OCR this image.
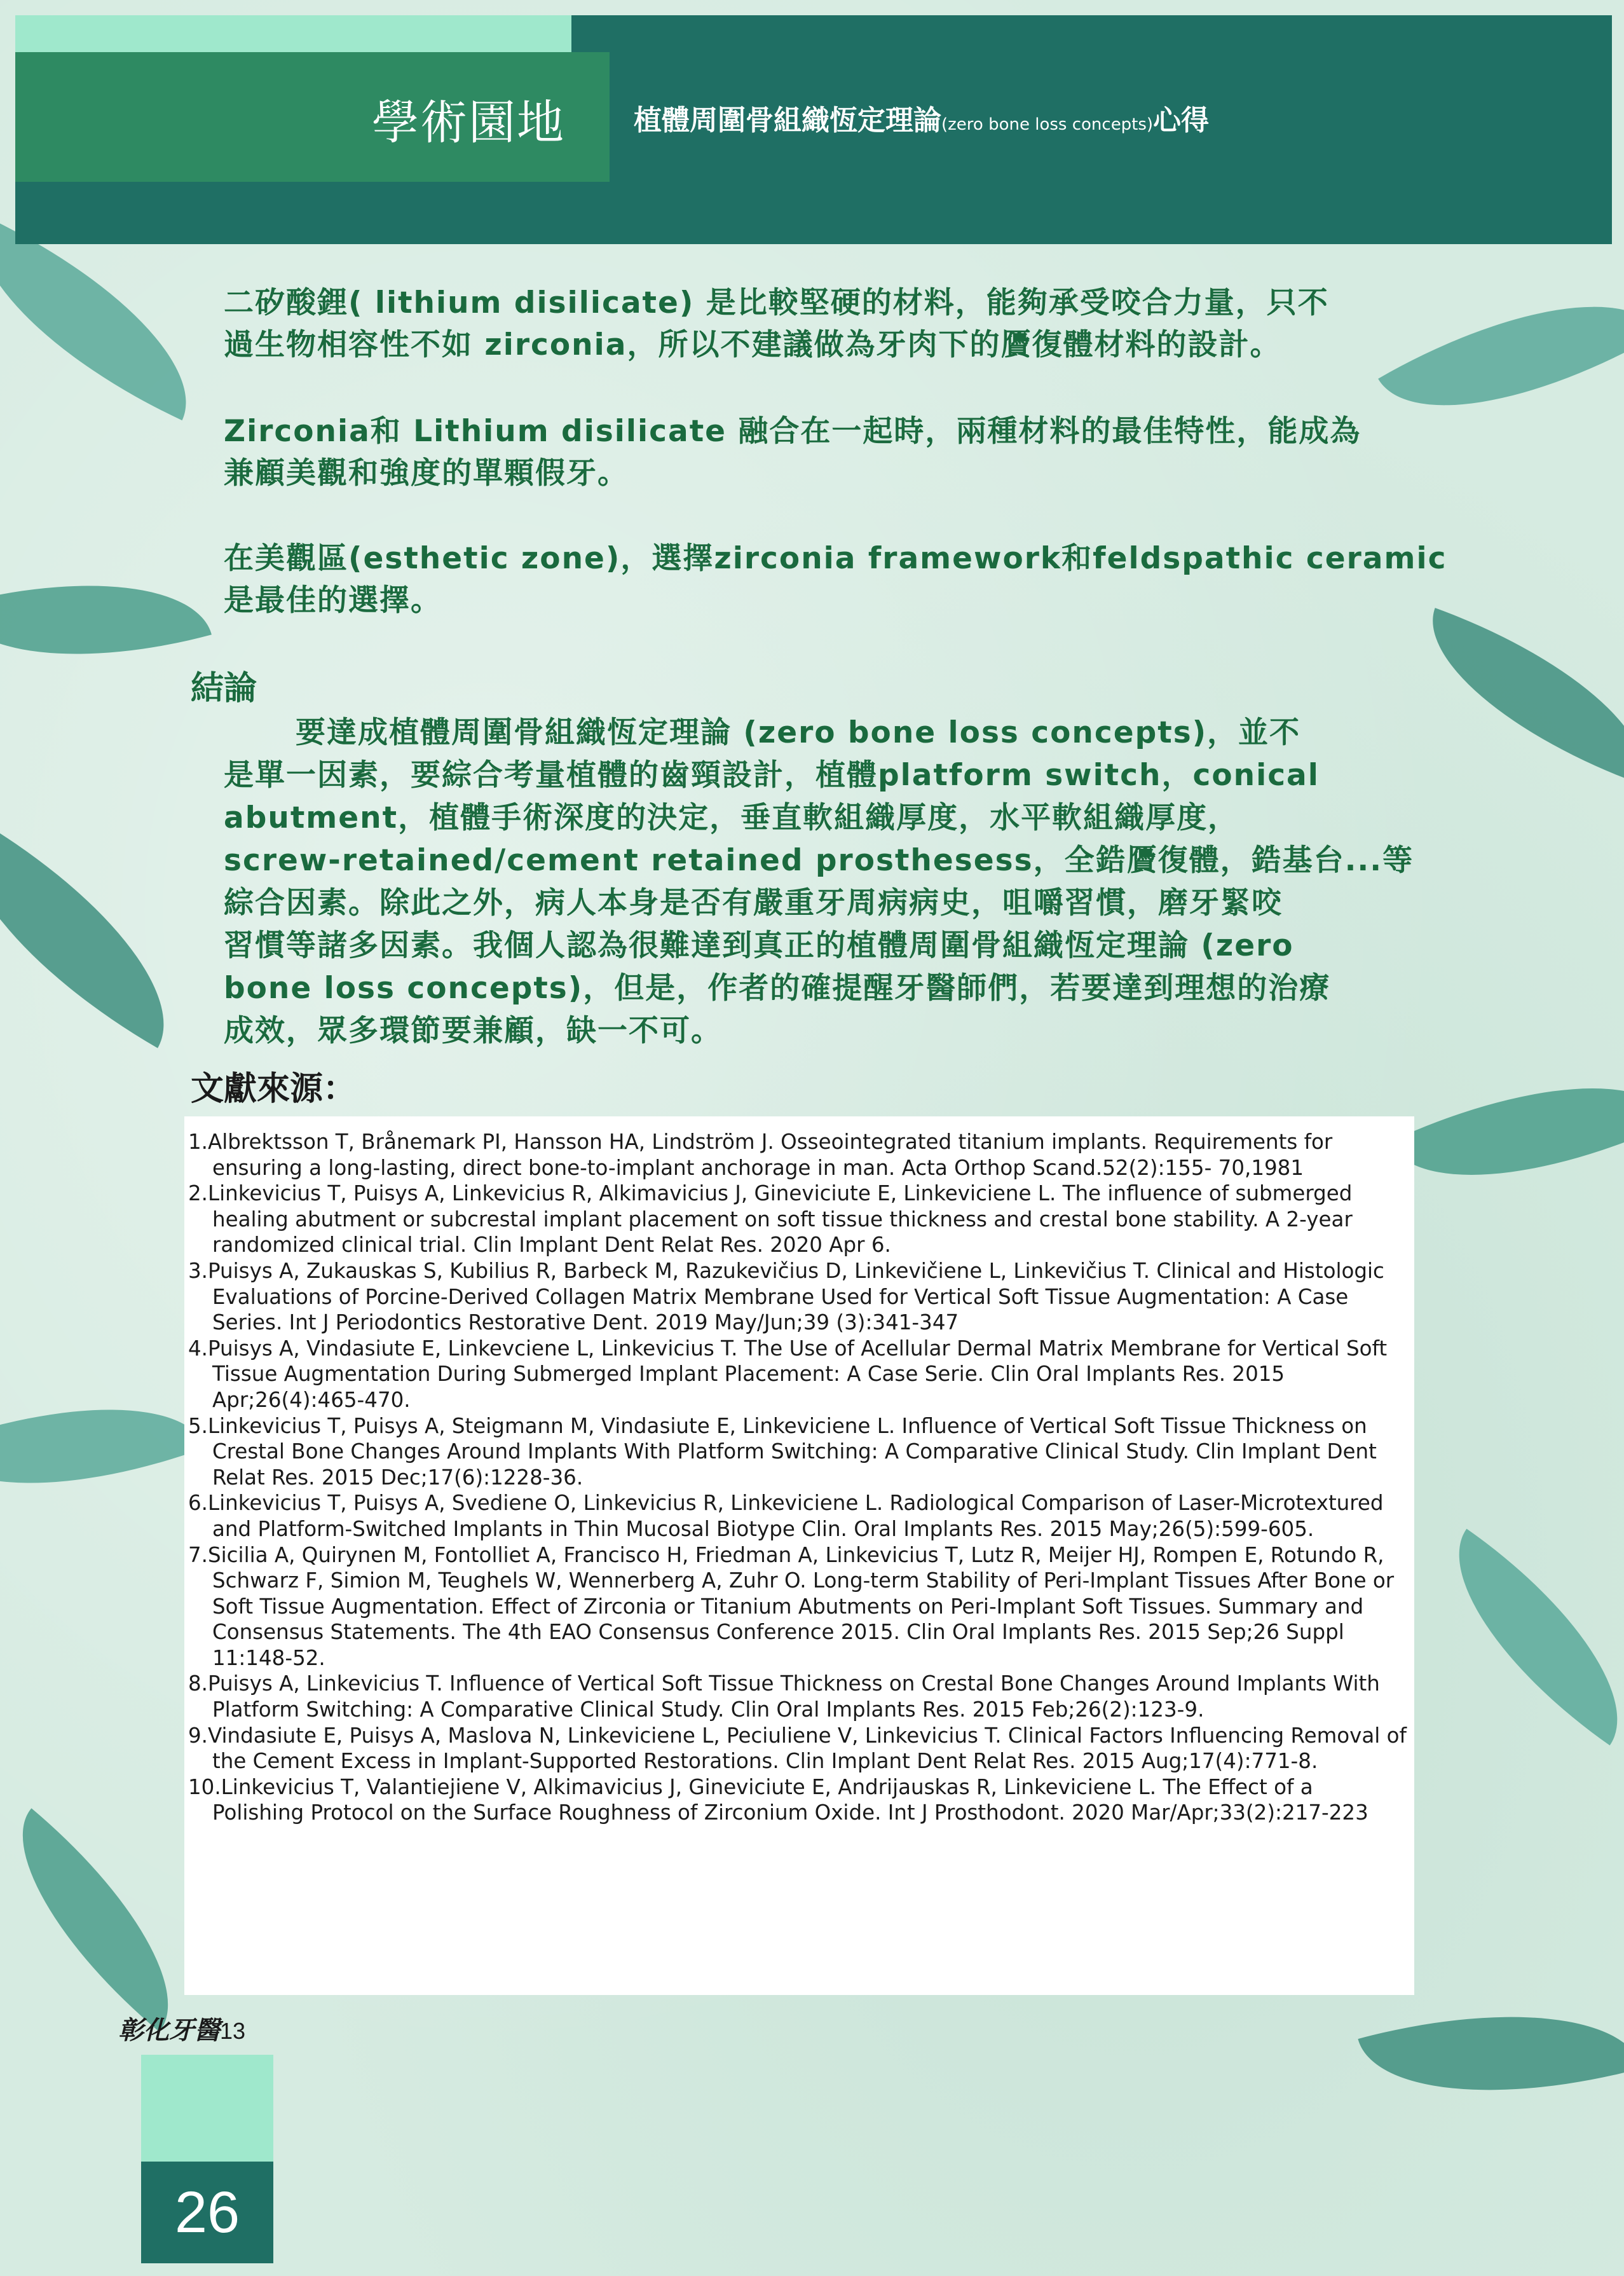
學術園地	植體周圍骨組織恆定理論(zero bone loss concepts)心得

二矽酸鋰( lithium disilicate) 是比較堅硬的材料，能夠承受咬合力量，只不

過生物相容性不如 zirconia，所以不建議做為牙肉下的贗復體材料的設計。

Zirconia和 Lithium disilicate 融合在一起時，兩種材料的最佳特性，能成為

兼顧美觀和強度的單顆假牙。

在美觀區(esthetic zone)，選擇zirconia framework和feldspathic ceramic

是最佳的選擇。

結論

要達成植體周圍骨組織恆定理論 (zero bone loss concepts)，並不

是單一因素，要綜合考量植體的齒頸設計，植體platform switch，conical

abutment，植體手術深度的決定，垂直軟組織厚度，水平軟組織厚度，

screw-retained/cement retained prosthesess，全鋯贗復體，鋯基台...等

綜合因素。除此之外，病人本身是否有嚴重牙周病病史，咀嚼習慣，磨牙緊咬

習慣等諸多因素。我個人認為很難達到真正的植體周圍骨組織恆定理論 (zero

bone loss concepts)，但是，作者的確提醒牙醫師們，若要達到理想的治療

成效，眾多環節要兼顧，缺一不可。

文獻來源：
1.Albrektsson T, Brånemark PI, Hansson HA, Lindström J. Osseointegrated titanium implants. Requirements for ensuring a long-lasting, direct bone-to-implant anchorage in man. Acta Orthop Scand.52(2):155- 70,1981
2.Linkevicius T, Puisys A, Linkevicius R, Alkimavicius J, Gineviciute E, Linkeviciene L. The influence of submerged healing abutment or subcrestal implant placement on soft tissue thickness and crestal bone stability. A 2-year randomized clinical trial. Clin Implant Dent Relat Res. 2020 Apr 6.
3.Puisys A, Zukauskas S, Kubilius R, Barbeck M, Razukevičius D, Linkevičiene L, Linkevičius T. Clinical and Histologic Evaluations of Porcine-Derived Collagen Matrix Membrane Used for Vertical Soft Tissue Augmentation: A Case Series. Int J Periodontics Restorative Dent. 2019 May/Jun;39 (3):341-347
4.Puisys A, Vindasiute E, Linkevciene L, Linkevicius T. The Use of Acellular Dermal Matrix Membrane for Vertical Soft Tissue Augmentation During Submerged Implant Placement: A Case Serie. Clin Oral Implants Res. 2015 Apr;26(4):465-470.
5.Linkevicius T, Puisys A, Steigmann M, Vindasiute E, Linkeviciene L. Influence of Vertical Soft Tissue Thickness on Crestal Bone Changes Around Implants With Platform Switching: A Comparative Clinical Study. Clin Implant Dent Relat Res. 2015 Dec;17(6):1228-36.
6.Linkevicius T, Puisys A, Svediene O, Linkevicius R, Linkeviciene L. Radiological Comparison of Laser-Microtextured and Platform-Switched Implants in Thin Mucosal Biotype Clin. Oral Implants Res. 2015 May;26(5):599-605.
7.Sicilia A, Quirynen M, Fontolliet A, Francisco H, Friedman A, Linkevicius T, Lutz R, Meijer HJ, Rompen E, Rotundo R, Schwarz F, Simion M, Teughels W, Wennerberg A, Zuhr O. Long-term Stability of Peri-Implant Tissues After Bone or Soft Tissue Augmentation. Effect of Zirconia or Titanium Abutments on Peri-Implant Soft Tissues. Summary and Consensus Statements. The 4th EAO Consensus Conference 2015. Clin Oral Implants Res. 2015 Sep;26 Suppl 11:148-52.
8.Puisys A, Linkevicius T. Influence of Vertical Soft Tissue Thickness on Crestal Bone Changes Around Implants With Platform Switching: A Comparative Clinical Study. Clin Oral Implants Res. 2015 Feb;26(2):123-9.
9.Vindasiute E, Puisys A, Maslova N, Linkeviciene L, Peciuliene V, Linkevicius T. Clinical Factors Influencing Removal of the Cement Excess in Implant-Supported Restorations. Clin Implant Dent Relat Res. 2015 Aug;17(4):771-8.
10.Linkevicius T, Valantiejiene V, Alkimavicius J, Gineviciute E, Andrijauskas R, Linkeviciene L. The Effect of a Polishing Protocol on the Surface Roughness of Zirconium Oxide. Int J Prosthodont. 2020 Mar/Apr;33(2):217-223
彰化牙醫13
26
